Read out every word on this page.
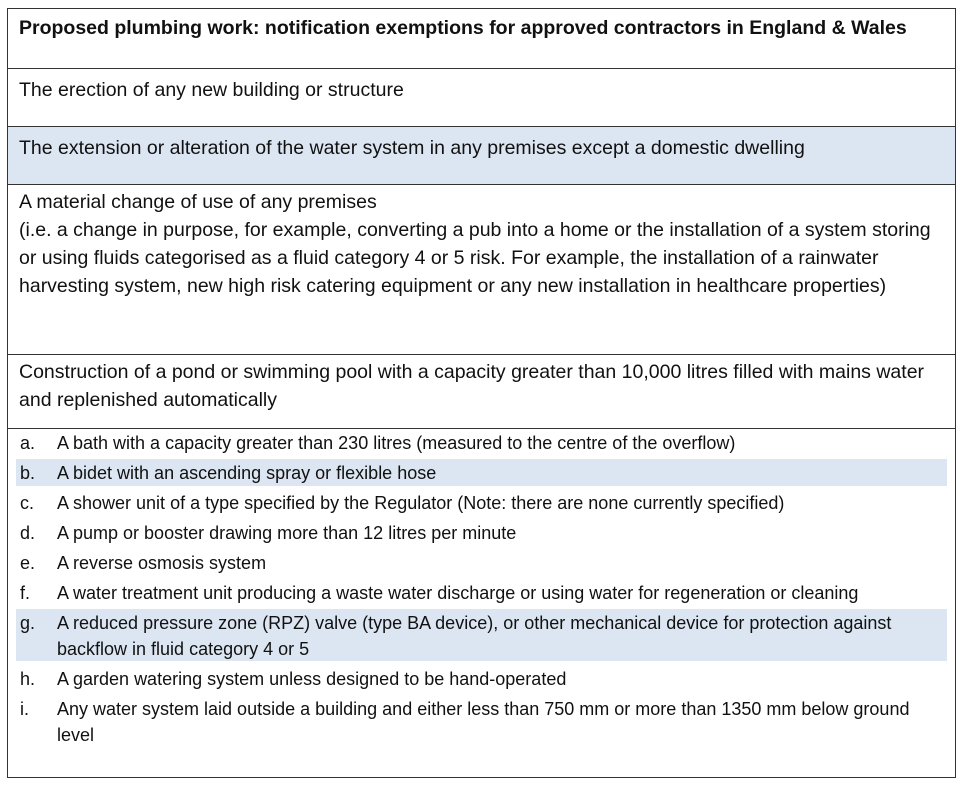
Proposed plumbing work: notification exemptions for approved contractors in England & Wales
The erection of any new building or structure
The extension or alteration of the water system in any premises except a domestic dwelling
A material change of use of any premises
(i.e. a change in purpose, for example, converting a pub into a home or the installation of a system storing or using fluids categorised as a fluid category 4 or 5 risk. For example, the installation of a rainwater harvesting system, new high risk catering equipment or any new installation in healthcare properties)
Construction of a pond or swimming pool with a capacity greater than 10,000 litres filled with mains water and replenished automatically
a.	A bath with a capacity greater than 230 litres (measured to the centre of the overflow)
b.	A bidet with an ascending spray or flexible hose
c.	A shower unit of a type specified by the Regulator (Note: there are none currently specified)
d.	A pump or booster drawing more than 12 litres per minute
e.	A reverse osmosis system
f.	A water treatment unit producing a waste water discharge or using water for regeneration or cleaning
g.	A reduced pressure zone (RPZ) valve (type BA device), or other mechanical device for protection against backflow in fluid category 4 or 5
h.	A garden watering system unless designed to be hand-operated
i.	Any water system laid outside a building and either less than 750 mm or more than 1350 mm below ground level
